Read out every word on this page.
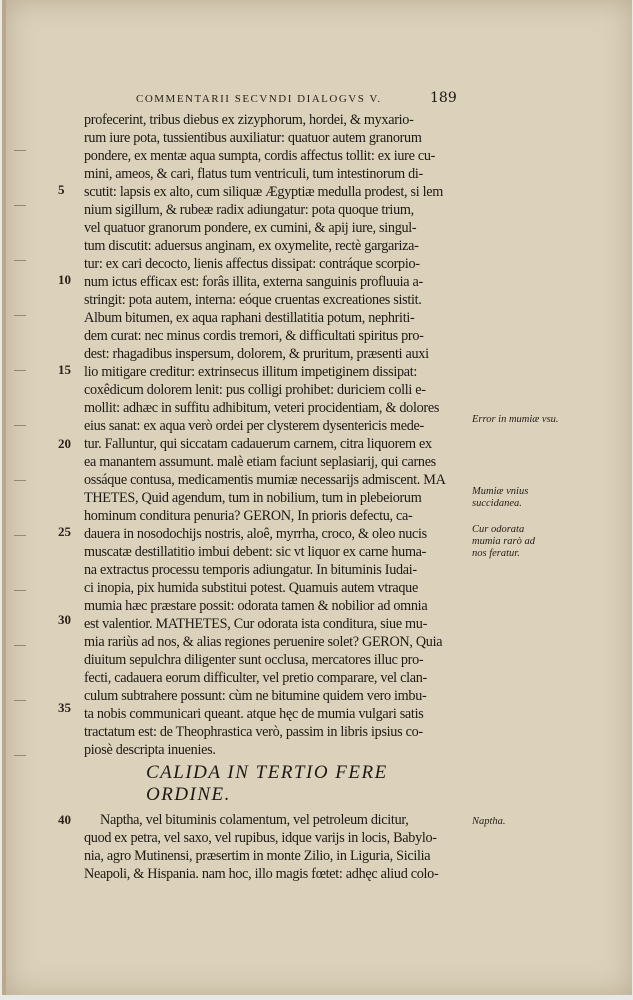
COMMENTARII SECVNDI DIALOGVS V.	189
profecerint, tribus diebus ex zizyphorum, hordei, & myxario-
rum iure pota, tussientibus auxiliatur: quatuor autem granorum
pondere, ex mentæ aqua sumpta, cordis affectus tollit: ex iure cu-
mini, ameos, & cari, flatus tum ventriculi, tum intestinorum di-
scutit: lapsis ex alto, cum siliquæ Ægyptiæ medulla prodest, si lem
nium sigillum, & rubeæ radix adiungatur: pota quoque trium,
vel quatuor granorum pondere, ex cumini, & apij iure, singul-
tum discutit: aduersus anginam, ex oxymelite, rectè gargariza-
tur: ex cari decocto, lienis affectus dissipat: contráque scorpio-
num ictus efficax est: forâs illita, externa sanguinis profluuia a-
stringit: pota autem, interna: eóque cruentas excreationes sistit.
Album bitumen, ex aqua raphani destillatitia potum, nephriti-
dem curat: nec minus cordis tremori, & difficultati spiritus pro-
dest: rhagadibus inspersum, dolorem, & pruritum, præsenti auxi
lio mitigare creditur: extrinsecus illitum impetiginem dissipat:
coxêdicum dolorem lenit: pus colligi prohibet: duriciem colli e-
mollit: adhæc in suffitu adhibitum, veteri procidentiam, & dolores
eius sanat: ex aqua verò ordei per clysterem dysentericis mede-
tur. Falluntur, qui siccatam cadauerum carnem, citra liquorem ex
ea manantem assumunt. malè etiam faciunt seplasiarij, qui carnes
ossáque contusa, medicamentis mumiæ necessarijs admiscent. MA
THETES, Quid agendum, tum in nobilium, tum in plebeiorum
hominum conditura penuria? GERON, In prioris defectu, ca-
dauera in nosodochijs nostris, aloê, myrrha, croco, & oleo nucis
muscatæ destillatitio imbui debent: sic vt liquor ex carne huma-
na extractus processu temporis adiungatur. In bituminis Iudai-
ci inopia, pix humida substitui potest. Quamuis autem vtraque
mumia hæc præstare possit: odorata tamen & nobilior ad omnia
est valentior. MATHETES, Cur odorata ista conditura, siue mu-
mia rariùs ad nos, & alias regiones peruenire solet? GERON, Quia
diuitum sepulchra diligenter sunt occlusa, mercatores illuc pro-
fecti, cadauera eorum difficulter, vel pretio comparare, vel clan-
culum subtrahere possunt: cùm ne bitumine quidem vero imbu-
ta nobis communicari queant. atque hęc de mumia vulgari satis
tractatum est: de Theophrastica verò, passim in libris ipsius co-
piosè descripta inuenies.
CALIDA IN TERTIO FERE
ORDINE.
Naptha, vel bituminis colamentum, vel petroleum dicitur,
quod ex petra, vel saxo, vel rupibus, idque varijs in locis, Babylo-
nia, agro Mutinensi, præsertim in monte Zilio, in Liguria, Sicilia
Neapoli, & Hispania. nam hoc, illo magis fœtet: adhęc aliud colo-
5
10
15
20
25
30
35
40
Error in mumiæ vsu.
Mumiæ vnius succidanea.
Cur odorata mumia rarò ad nos feratur.
Naptha.
